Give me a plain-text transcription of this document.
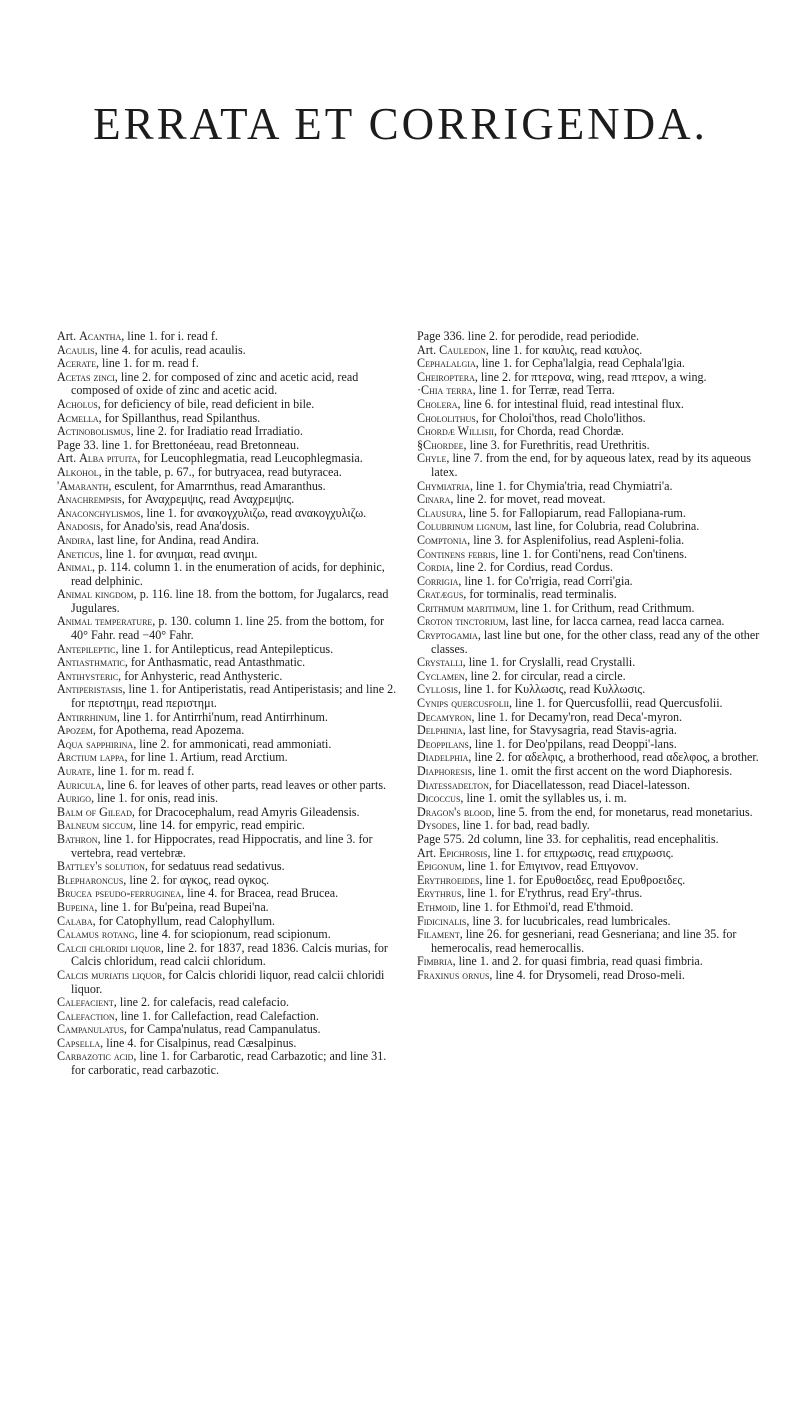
ERRATA ET CORRIGENDA.

Art. Acantha, line 1. for i. read f.

Acaulis, line 4. for aculis, read acaulis.

Acerate, line 1. for m. read f.

Acetas zinci, line 2. for composed of zinc and acetic acid, read composed of oxide of zinc and acetic acid.

Acholus, for deficiency of bile, read deficient in bile.

Acmella, for Spillanthus, read Spilanthus.

Actinobolismus, line 2. for Iradiatio read Irradiatio.

Page 33. line 1. for Brettonéeau, read Bretonneau.

Art. Alba pituita, for Leucophlegmatia, read Leucophlegmasia.

Alkohol, in the table, p. 67., for butryacea, read butyracea.

'Amaranth, esculent, for Amarrnthus, read Amaranthus.

Anachrempsis, for Αναχρεμψις, read Αναχρεμψις.

Anaconchylismos, line 1. for ανακογχυλιζω, read ανακογχυλιζω.

Anadosis, for Anado'sis, read Ana'dosis.

Andira, last line, for Andina, read Andira.

Aneticus, line 1. for ανιημαι, read ανιημι.

Animal, p. 114. column 1. in the enumeration of acids, for dephinic, read delphinic.

Animal kingdom, p. 116. line 18. from the bottom, for Jugalarcs, read Jugulares.

Animal temperature, p. 130. column 1. line 25. from the bottom, for 40° Fahr. read −40° Fahr.

Antepileptic, line 1. for Antilepticus, read Antepilepticus.

Antiasthmatic, for Anthasmatic, read Antasthmatic.

Antihysteric, for Anhysteric, read Anthysteric.

Antiperistasis, line 1. for Antiperistatis, read Antiperistasis; and line 2. for περιστημι, read περιστημι.

Antirrhinum, line 1. for Antirrhi'num, read Antirrhinum.

Apozem, for Apothema, read Apozema.

Aqua sapphirina, line 2. for ammonicati, read ammoniati.

Arctium lappa, for line 1. Artium, read Arctium.

Aurate, line 1. for m. read f.

Auricula, line 6. for leaves of other parts, read leaves or other parts.

Aurigo, line 1. for onis, read inis.

Balm of Gilead, for Dracocephalum, read Amyris Gileadensis.

Balneum siccum, line 14. for empyric, read empiric.

Bathron, line 1. for Hippocrates, read Hippocratis, and line 3. for vertebra, read vertebræ.

Battley's solution, for sedatuus read sedativus.

Blepharoncus, line 2. for αγκος, read ογκος.

Brucea pseudo-ferruginea, line 4. for Bracea, read Brucea.

Bupeina, line 1. for Bu'peina, read Bupei'na.

Calaba, for Catophyllum, read Calophyllum.

Calamus rotang, line 4. for sciopionum, read scipionum.

Calcii chloridi liquor, line 2. for 1837, read 1836. Calcis murias, for Calcis chloridum, read calcii chloridum.

Calcis muriatis liquor, for Calcis chloridi liquor, read calcii chloridi liquor.

Calefacient, line 2. for calefacis, read calefacio.

Calefaction, line 1. for Callefaction, read Calefaction.

Campanulatus, for Campa'nulatus, read Campanulatus.

Capsella, line 4. for Cisalpinus, read Cæsalpinus.

Carbazotic acid, line 1. for Carbarotic, read Carbazotic; and line 31. for carboratic, read carbazotic.

Page 336. line 2. for perodide, read periodide.

Art. Cauledon, line 1. for καυλις, read καυλος.

Cephalalgia, line 1. for Cepha'lalgia, read Cephala'lgia.

Cheiroptera, line 2. for πτερονα, wing, read πτερον, a wing.

·Chia terra, line 1. for Terræ, read Terra.

Cholera, line 6. for intestinal fluid, read intestinal flux.

Chololithus, for Choloi'thos, read Cholo'lithos.

Chordæ Willisii, for Chorda, read Chordæ.

§Chordee, line 3. for Furethritis, read Urethritis.

Chyle, line 7. from the end, for by aqueous latex, read by its aqueous latex.

Chymiatria, line 1. for Chymia'tria, read Chymiatri'a.

Cinara, line 2. for movet, read moveat.

Clausura, line 5. for Fallopiarum, read Fallopiana-rum.

Colubrinum lignum, last line, for Colubria, read Colubrina.

Comptonia, line 3. for Asplenifolius, read Aspleni-folia.

Continens febris, line 1. for Conti'nens, read Con'tinens.

Cordia, line 2. for Cordius, read Cordus.

Corrigia, line 1. for Co'rrigia, read Corri'gia.

Cratægus, for torminalis, read terminalis.

Crithmum maritimum, line 1. for Crithum, read Crithmum.

Croton tinctorium, last line, for lacca carnea, read lacca carnea.

Cryptogamia, last line but one, for the other class, read any of the other classes.

Crystalli, line 1. for Cryslalli, read Crystalli.

Cyclamen, line 2. for circular, read a circle.

Cyllosis, line 1. for Κυλλωσις, read Κυλλωσις.

Cynips quercusfolii, line 1. for Quercusfollii, read Quercusfolii.

Decamyron, line 1. for Decamy'ron, read Deca'-myron.

Delphinia, last line, for Stavysagria, read Stavis-agria.

Deoppilans, line 1. for Deo'ppilans, read Deoppi'-lans.

Diadelphia, line 2. for αδελφις, a brotherhood, read αδελφος, a brother.

Diaphoresis, line 1. omit the first accent on the word Diaphoresis.

Diatessadelton, for Diacellatesson, read Diacel-latesson.

Dicoccus, line 1. omit the syllables us, i. m.

Dragon's blood, line 5. from the end, for monetarus, read monetarius.

Dysodes, line 1. for bad, read badly.

Page 575. 2d column, line 33. for cephalitis, read encephalitis.

Art. Epichrosis, line 1. for επιχρωσις, read επιχρωσις.

Epigonum, line 1. for Επιγινον, read Επιγονον.

Erythroeides, line 1. for Ερυθοειδες, read Ερυθροειδες.

Erythrus, line 1. for E'rythrus, read Ery'-thrus.

Ethmoid, line 1. for Ethmoi'd, read E'thmoid.

Fidicinalis, line 3. for lucubricales, read lumbricales.

Filament, line 26. for gesneriani, read Gesneriana; and line 35. for hemerocalis, read hemerocallis.

Fimbria, line 1. and 2. for quasi fimbria, read quasi fimbria.

Fraxinus ornus, line 4. for Drysomeli, read Droso-meli.
